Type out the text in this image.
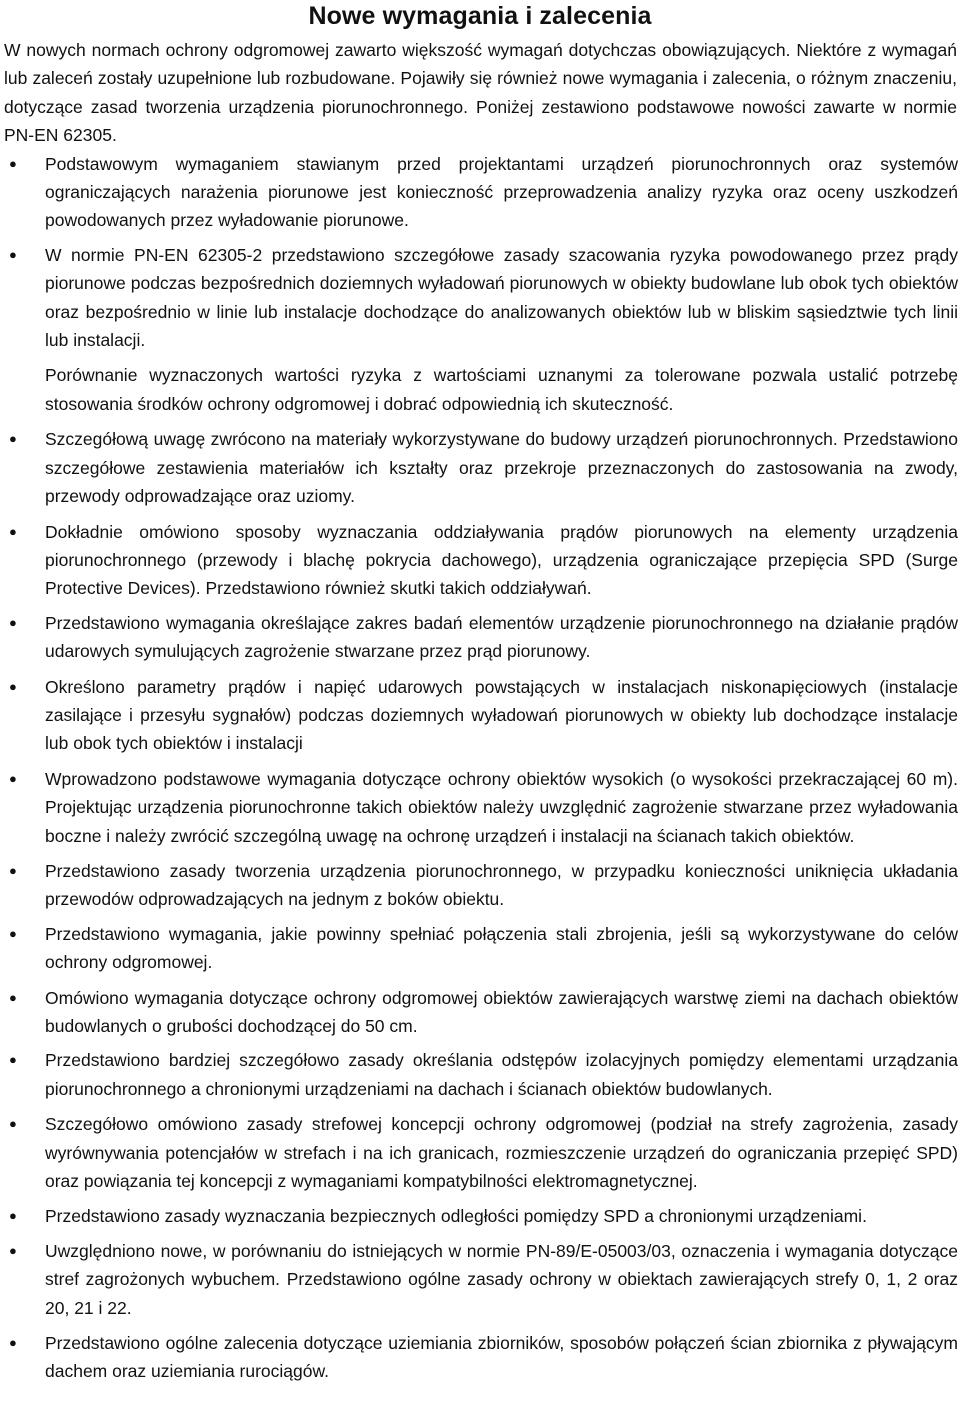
Nowe wymagania i zalecenia

W nowych normach ochrony odgromowej zawarto większość wymagań dotychczas obowiązujących. Niektóre z wymagań lub zaleceń zostały uzupełnione lub rozbudowane. Pojawiły się również nowe wymagania i zalecenia, o różnym znaczeniu, dotyczące zasad tworzenia urządzenia piorunochronnego. Poniżej zestawiono podstawowe nowości zawarte w normie PN-EN 62305.

● Podstawowym wymaganiem stawianym przed projektantami urządzeń piorunochronnych oraz systemów ograniczających narażenia piorunowe jest konieczność przeprowadzenia analizy ryzyka oraz oceny uszkodzeń powodowanych przez wyładowanie piorunowe.
● W normie PN-EN 62305-2 przedstawiono szczegółowe zasady szacowania ryzyka powodowanego przez prądy piorunowe podczas bezpośrednich doziemnych wyładowań piorunowych w obiekty budowlane lub obok tych obiektów oraz bezpośrednio w linie lub instalacje dochodzące do analizowanych obiektów lub w bliskim sąsiedztwie tych linii lub instalacji.
Porównanie wyznaczonych wartości ryzyka z wartościami uznanymi za tolerowane pozwala ustalić potrzebę stosowania środków ochrony odgromowej i dobrać odpowiednią ich skuteczność.
● Szczegółową uwagę zwrócono na materiały wykorzystywane do budowy urządzeń piorunochronnych. Przedstawiono szczegółowe zestawienia materiałów ich kształty oraz przekroje przeznaczonych do zastosowania na zwody, przewody odprowadzające oraz uziomy.
● Dokładnie omówiono sposoby wyznaczania oddziaływania prądów piorunowych na elementy urządzenia piorunochronnego (przewody i blachę pokrycia dachowego), urządzenia ograniczające przepięcia SPD (Surge Protective Devices). Przedstawiono również skutki takich oddziaływań.
● Przedstawiono wymagania określające zakres badań elementów urządzenie piorunochronnego na działanie prądów udarowych symulujących zagrożenie stwarzane przez prąd piorunowy.
● Określono parametry prądów i napięć udarowych powstających w instalacjach niskonapięciowych (instalacje zasilające i przesyłu sygnałów) podczas doziemnych wyładowań piorunowych w obiekty lub dochodzące instalacje lub obok tych obiektów i instalacji
● Wprowadzono podstawowe wymagania dotyczące ochrony obiektów wysokich (o wysokości przekraczającej 60 m). Projektując urządzenia piorunochronne takich obiektów należy uwzględnić zagrożenie stwarzane przez wyładowania boczne i należy zwrócić szczególną uwagę na ochronę urządzeń i instalacji na ścianach takich obiektów.
● Przedstawiono zasady tworzenia urządzenia piorunochronnego, w przypadku konieczności uniknięcia układania przewodów odprowadzających na jednym z boków obiektu.
● Przedstawiono wymagania, jakie powinny spełniać połączenia stali zbrojenia, jeśli są wykorzystywane do celów ochrony odgromowej.
● Omówiono wymagania dotyczące ochrony odgromowej obiektów zawierających warstwę ziemi na dachach obiektów budowlanych o grubości dochodzącej do 50 cm.
● Przedstawiono bardziej szczegółowo zasady określania odstępów izolacyjnych pomiędzy elementami urządzania piorunochronnego a chronionymi urządzeniami na dachach i ścianach obiektów budowlanych.
● Szczegółowo omówiono zasady strefowej koncepcji ochrony odgromowej (podział na strefy zagrożenia, zasady wyrównywania potencjałów w strefach i na ich granicach, rozmieszczenie urządzeń do ograniczania przepięć SPD) oraz powiązania tej koncepcji z wymaganiami kompatybilności elektromagnetycznej.
● Przedstawiono zasady wyznaczania bezpiecznych odległości pomiędzy SPD a chronionymi urządzeniami.
● Uwzględniono nowe, w porównaniu do istniejących w normie PN-89/E-05003/03, oznaczenia i wymagania dotyczące stref zagrożonych wybuchem. Przedstawiono ogólne zasady ochrony w obiektach zawierających strefy 0, 1, 2 oraz 20, 21 i 22.
● Przedstawiono ogólne zalecenia dotyczące uziemiania zbiorników, sposobów połączeń ścian zbiornika z pływającym dachem oraz uziemiania rurociągów.
